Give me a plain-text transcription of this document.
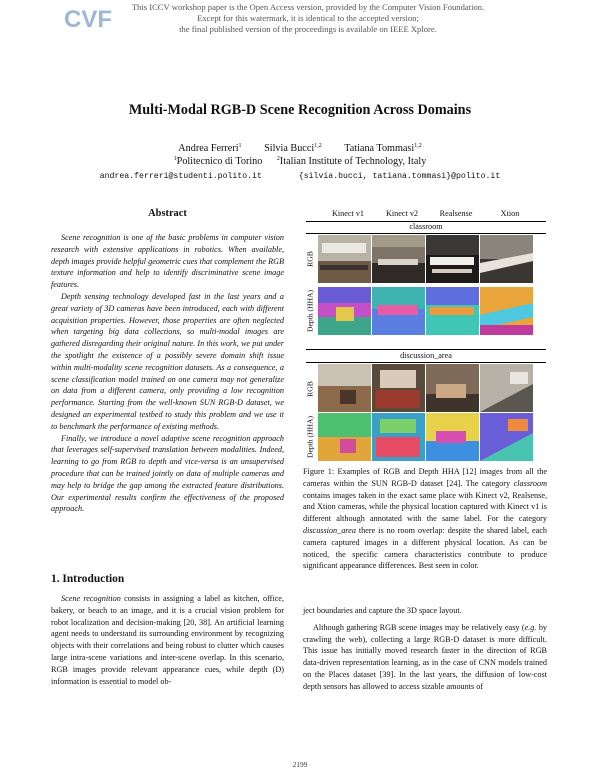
CVF	This ICCV workshop paper is the Open Access version, provided by the Computer Vision Foundation.
Except for this watermark, it is identical to the accepted version;
the final published version of the proceedings is available on IEEE Xplore.
Multi-Modal RGB-D Scene Recognition Across Domains
Andrea Ferreri$^1$ Silvia Bucci$^{1,2}$ Tatiana Tommasi$^{1,2}$
$^1$Politecnico di Torino $^2$Italian Institute of Technology, Italy
andrea.ferreri@studenti.polito.it	{silvia.bucci, tatiana.tommasi}@polito.it
Abstract

Scene recognition is one of the basic problems in computer vision research with extensive applications in robotics. When available, depth images provide helpful geometric cues that complement the RGB texture information and help to identify discriminative scene image features.

Depth sensing technology developed fast in the last years and a great variety of 3D cameras have been introduced, each with different acquisition properties. However, those properties are often neglected when targeting big data collections, so multi-modal images are gathered disregarding their original nature. In this work, we put under the spotlight the existence of a possibly severe domain shift issue within multi-modality scene recognition datasets. As a consequence, a scene classification model trained on one camera may not generalize on data from a different camera, only providing a low recognition performance. Starting from the well-known SUN RGB-D dataset, we designed an experimental testbed to study this problem and we use it to benchmark the performance of existing methods.

Finally, we introduce a novel adaptive scene recognition approach that leverages self-supervised translation between modalities. Indeed, learning to go from RGB to depth and vice-versa is an unsupervised procedure that can be trained jointly on data of multiple cameras and may help to bridge the gap among the extracted feature distributions. Our experimental results confirm the effectiveness of the proposed approach.

1. Introduction

Scene recognition consists in assigning a label as kitchen, office, bakery, or beach to an image, and it is a crucial vision problem for robot localization and decision-making [20, 38]. An artificial learning agent needs to understand its surrounding environment by recognizing objects with their correlations and being robust to clutter which causes large intra-scene variations and inter-scene overlap. In this scenario, RGB images provide relevant appearance cues, while depth (D) information is essential to model ob-

Kinect v1	Kinect v2	Realsense	Xtion
classroom
RGB
Depth (HHA)
discussion_area
RGB
Depth (HHA)
Figure 1: Examples of RGB and Depth HHA [12] images from all the cameras within the SUN RGB-D dataset [24]. The category classroom contains images taken in the exact same place with Kinect v2, Realsense, and Xtion cameras, while the physical location captured with Kinect v1 is different although annotated with the same label. For the category discussion_area there is no room overlap: despite the shared label, each camera captured images in a different physical location. As can be noticed, the specific camera characteristics contribute to produce significant appearance differences. Best seen in color.

ject boundaries and capture the 3D space layout.

Although gathering RGB scene images may be relatively easy (e.g. by crawling the web), collecting a large RGB-D dataset is more difficult. This issue has initially moved research faster in the direction of RGB data-driven representation learning, as in the case of CNN models trained on the Places dataset [39]. In the last years, the diffusion of low-cost depth sensors has allowed to access sizable amounts of

2199
